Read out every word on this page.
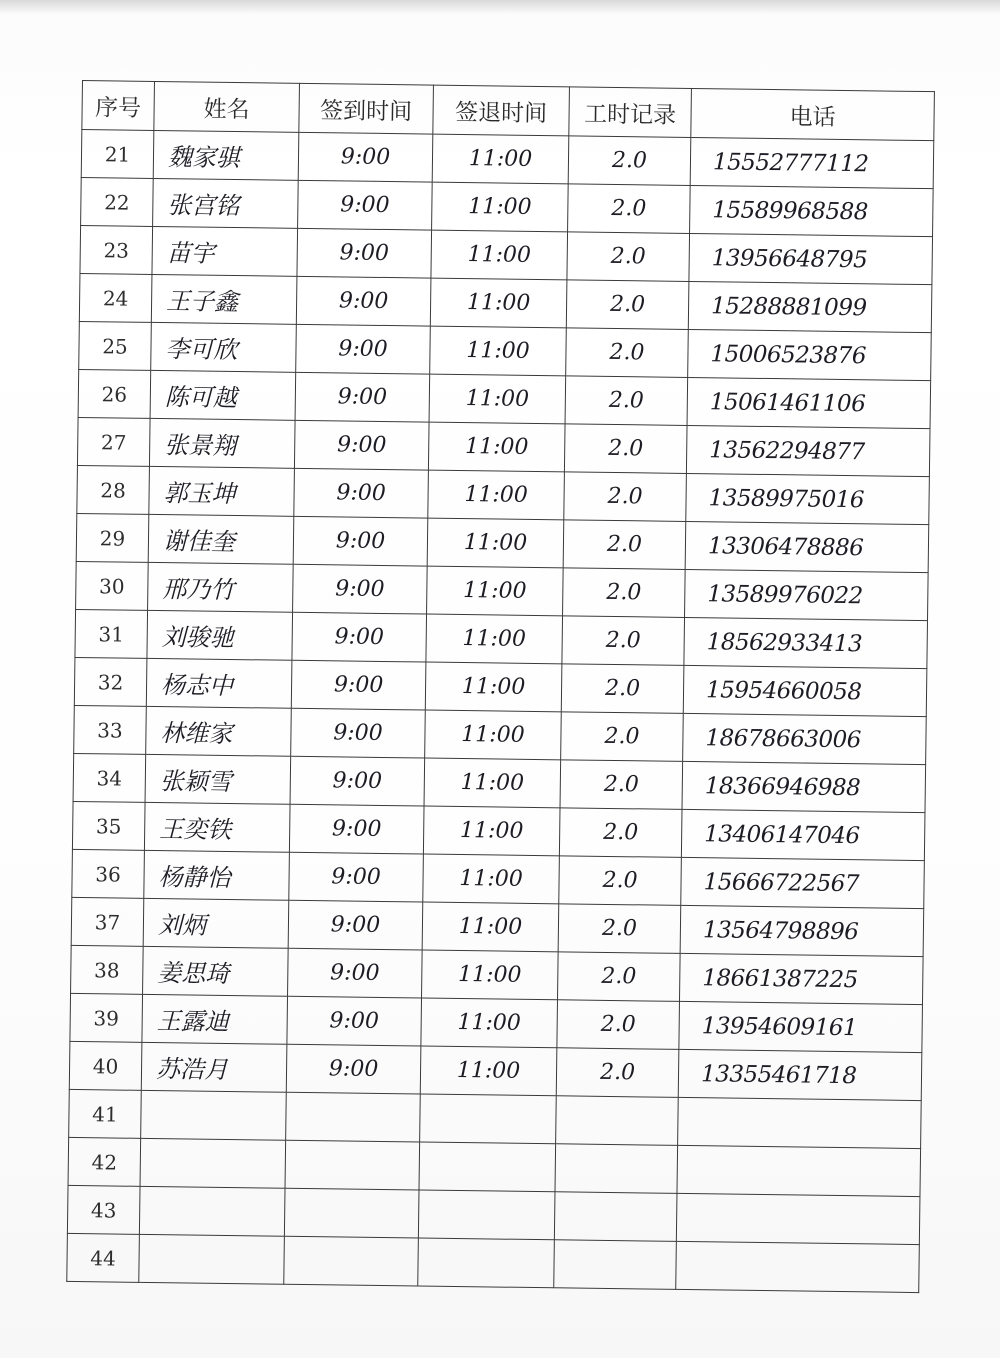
序号	姓名	签到时间	签退时间	工时记录	电话
21	魏家骐	9:00	11:00	2.0	15552777112
22	张宫铭	9:00	11:00	2.0	15589968588
23	苗宇	9:00	11:00	2.0	13956648795
24	王子鑫	9:00	11:00	2.0	15288881099
25	李可欣	9:00	11:00	2.0	15006523876
26	陈可越	9:00	11:00	2.0	15061461106
27	张景翔	9:00	11:00	2.0	13562294877
28	郭玉坤	9:00	11:00	2.0	13589975016
29	谢佳奎	9:00	11:00	2.0	13306478886
30	邢乃竹	9:00	11:00	2.0	13589976022
31	刘骏驰	9:00	11:00	2.0	18562933413
32	杨志中	9:00	11:00	2.0	15954660058
33	林维家	9:00	11:00	2.0	18678663006
34	张颖雪	9:00	11:00	2.0	18366946988
35	王奕铁	9:00	11:00	2.0	13406147046
36	杨静怡	9:00	11:00	2.0	15666722567
37	刘炳	9:00	11:00	2.0	13564798896
38	姜思琦	9:00	11:00	2.0	18661387225
39	王露迪	9:00	11:00	2.0	13954609161
40	苏浩月	9:00	11:00	2.0	13355461718
41					
42					
43					
44					
